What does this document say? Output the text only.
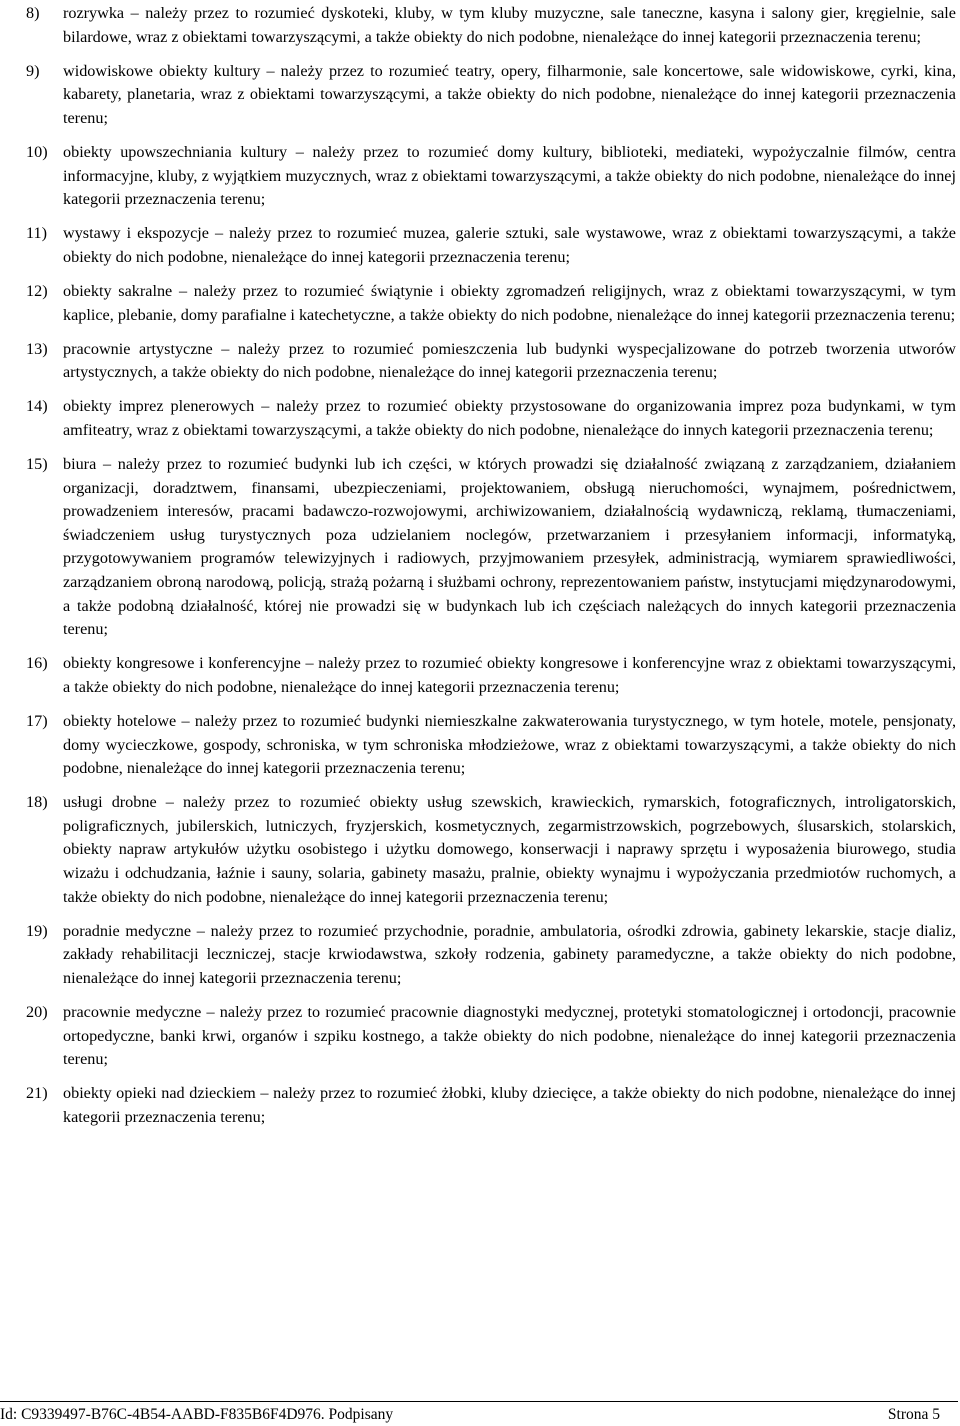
8) rozrywka – należy przez to rozumieć dyskoteki, kluby, w tym kluby muzyczne, sale taneczne, kasyna i salony gier, kręgielnie, sale bilardowe, wraz z obiektami towarzyszącymi, a także obiekty do nich podobne, nienależące do innej kategorii przeznaczenia terenu;
9) widowiskowe obiekty kultury – należy przez to rozumieć teatry, opery, filharmonie, sale koncertowe, sale widowiskowe, cyrki, kina, kabarety, planetaria, wraz z obiektami towarzyszącymi, a także obiekty do nich podobne, nienależące do innej kategorii przeznaczenia terenu;
10) obiekty upowszechniania kultury – należy przez to rozumieć domy kultury, biblioteki, mediateki, wypożyczalnie filmów, centra informacyjne, kluby, z wyjątkiem muzycznych, wraz z obiektami towarzyszącymi, a także obiekty do nich podobne, nienależące do innej kategorii przeznaczenia terenu;
11) wystawy i ekspozycje – należy przez to rozumieć muzea, galerie sztuki, sale wystawowe, wraz z obiektami towarzyszącymi, a także obiekty do nich podobne, nienależące do innej kategorii przeznaczenia terenu;
12) obiekty sakralne – należy przez to rozumieć świątynie i obiekty zgromadzeń religijnych, wraz z obiektami towarzyszącymi, w tym kaplice, plebanie, domy parafialne i katechetyczne, a także obiekty do nich podobne, nienależące do innej kategorii przeznaczenia terenu;
13) pracownie artystyczne – należy przez to rozumieć pomieszczenia lub budynki wyspecjalizowane do potrzeb tworzenia utworów artystycznych, a także obiekty do nich podobne, nienależące do innej kategorii przeznaczenia terenu;
14) obiekty imprez plenerowych – należy przez to rozumieć obiekty przystosowane do organizowania imprez poza budynkami, w tym amfiteatry, wraz z obiektami towarzyszącymi, a także obiekty do nich podobne, nienależące do innych kategorii przeznaczenia terenu;
15) biura – należy przez to rozumieć budynki lub ich części, w których prowadzi się działalność związaną z zarządzaniem, działaniem organizacji, doradztwem, finansami, ubezpieczeniami, projektowaniem, obsługą nieruchomości, wynajmem, pośrednictwem, prowadzeniem interesów, pracami badawczo-rozwojowymi, archiwizowaniem, działalnością wydawniczą, reklamą, tłumaczeniami, świadczeniem usług turystycznych poza udzielaniem noclegów, przetwarzaniem i przesyłaniem informacji, informatyką, przygotowywaniem programów telewizyjnych i radiowych, przyjmowaniem przesyłek, administracją, wymiarem sprawiedliwości, zarządzaniem obroną narodową, policją, strażą pożarną i służbami ochrony, reprezentowaniem państw, instytucjami międzynarodowymi, a także podobną działalność, której nie prowadzi się w budynkach lub ich częściach należących do innych kategorii przeznaczenia terenu;
16) obiekty kongresowe i konferencyjne – należy przez to rozumieć obiekty kongresowe i konferencyjne wraz z obiektami towarzyszącymi, a także obiekty do nich podobne, nienależące do innej kategorii przeznaczenia terenu;
17) obiekty hotelowe – należy przez to rozumieć budynki niemieszkalne zakwaterowania turystycznego, w tym hotele, motele, pensjonaty, domy wycieczkowe, gospody, schroniska, w tym schroniska młodzieżowe, wraz z obiektami towarzyszącymi, a także obiekty do nich podobne, nienależące do innej kategorii przeznaczenia terenu;
18) usługi drobne – należy przez to rozumieć obiekty usług szewskich, krawieckich, rymarskich, fotograficznych, introligatorskich, poligraficznych, jubilerskich, lutniczych, fryzjerskich, kosmetycznych, zegarmistrzowskich, pogrzebowych, ślusarskich, stolarskich, obiekty napraw artykułów użytku osobistego i użytku domowego, konserwacji i naprawy sprzętu i wyposażenia biurowego, studia wizażu i odchudzania, łaźnie i sauny, solaria, gabinety masażu, pralnie, obiekty wynajmu i wypożyczania przedmiotów ruchomych, a także obiekty do nich podobne, nienależące do innej kategorii przeznaczenia terenu;
19) poradnie medyczne – należy przez to rozumieć przychodnie, poradnie, ambulatoria, ośrodki zdrowia, gabinety lekarskie, stacje dializ, zakłady rehabilitacji leczniczej, stacje krwiodawstwa, szkoły rodzenia, gabinety paramedyczne, a także obiekty do nich podobne, nienależące do innej kategorii przeznaczenia terenu;
20) pracownie medyczne – należy przez to rozumieć pracownie diagnostyki medycznej, protetyki stomatologicznej i ortodoncji, pracownie ortopedyczne, banki krwi, organów i szpiku kostnego, a także obiekty do nich podobne, nienależące do innej kategorii przeznaczenia terenu;
21) obiekty opieki nad dzieckiem – należy przez to rozumieć żłobki, kluby dziecięce, a także obiekty do nich podobne, nienależące do innej kategorii przeznaczenia terenu;
Id: C9339497-B76C-4B54-AABD-F835B6F4D976. Podpisany	Strona 5
